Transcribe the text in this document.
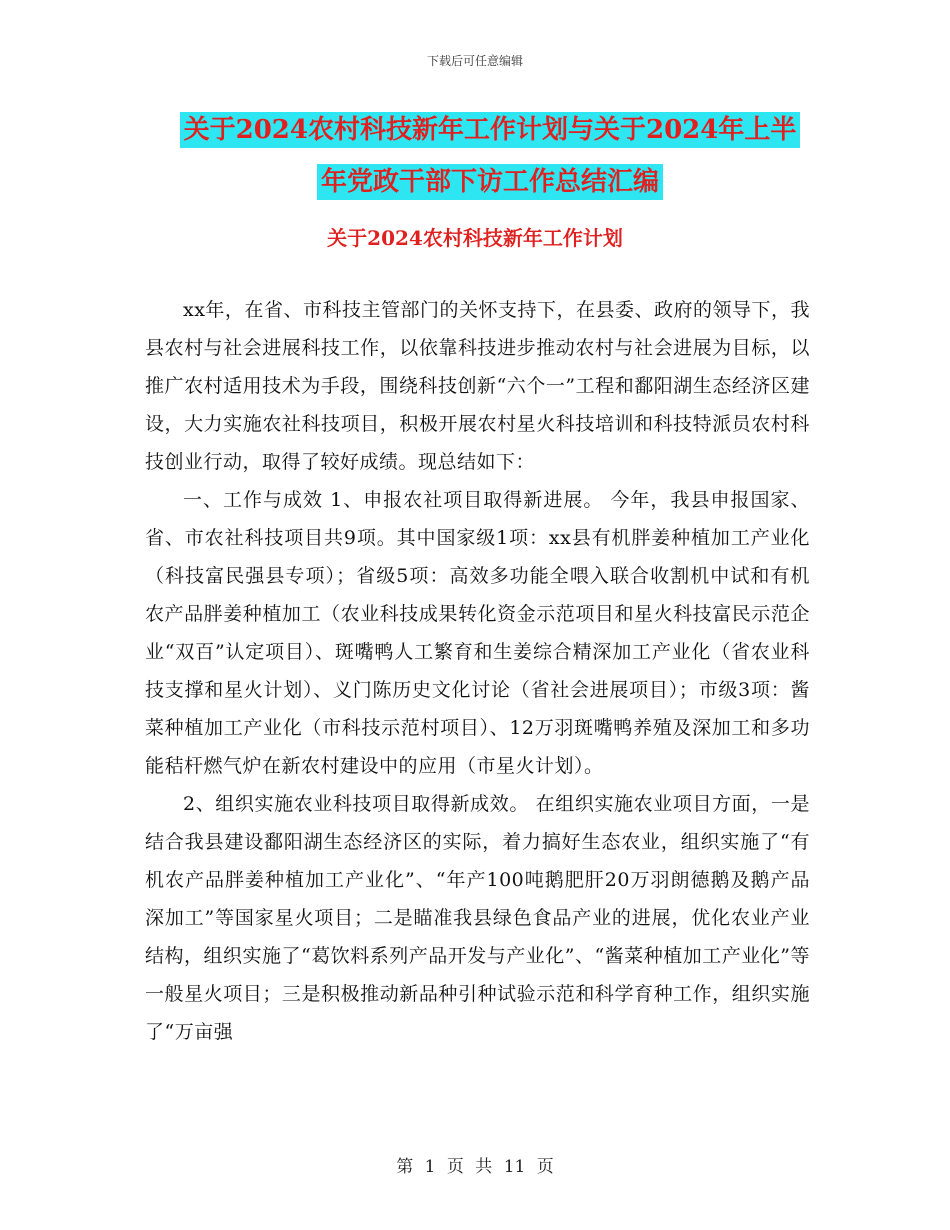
下载后可任意编辑
关于2024农村科技新年工作计划与关于2024年上半
年党政干部下访工作总结汇编
关于2024农村科技新年工作计划

xx年，在省、市科技主管部门的关怀支持下，在县委、政府的领导下，我县农村与社会进展科技工作，以依靠科技进步推动农村与社会进展为目标，以推广农村适用技术为手段，围绕科技创新“六个一”工程和鄱阳湖生态经济区建设，大力实施农社科技项目，积极开展农村星火科技培训和科技特派员农村科技创业行动，取得了较好成绩。现总结如下：

一、工作与成效 1、申报农社项目取得新进展。 今年，我县申报国家、省、市农社科技项目共9项。其中国家级1项：xx县有机胖姜种植加工产业化（科技富民强县专项）；省级5项：高效多功能全喂入联合收割机中试和有机农产品胖姜种植加工（农业科技成果转化资金示范项目和星火科技富民示范企业“双百”认定项目）、斑嘴鸭人工繁育和生姜综合精深加工产业化（省农业科技支撑和星火计划）、义门陈历史文化讨论（省社会进展项目）；市级3项：酱菜种植加工产业化（市科技示范村项目）、12万羽斑嘴鸭养殖及深加工和多功能秸杆燃气炉在新农村建设中的应用（市星火计划）。

2、组织实施农业科技项目取得新成效。 在组织实施农业项目方面，一是结合我县建设鄱阳湖生态经济区的实际，着力搞好生态农业，组织实施了“有机农产品胖姜种植加工产业化”、“年产100吨鹅肥肝20万羽朗德鹅及鹅产品深加工”等国家星火项目；二是瞄准我县绿色食品产业的进展，优化农业产业结构，组织实施了“葛饮料系列产品开发与产业化”、“酱菜种植加工产业化”等一般星火项目；三是积极推动新品种引种试验示范和科学育种工作，组织实施了“万亩强

第 1 页 共 11 页
